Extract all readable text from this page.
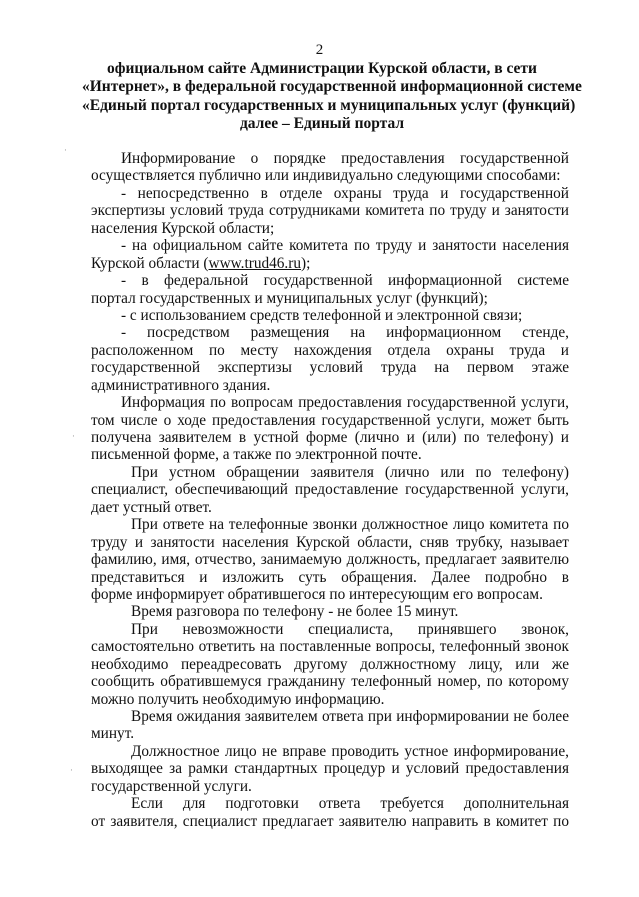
2
официальном сайте Администрации Курской области, в сети
«Интернет», в федеральной государственной информационной системе
«Единый портал государственных и муниципальных услуг (функций)
далее – Единый портал
Информирование о порядке предоставления государственной
осуществляется публично или индивидуально следующими способами:
- непосредственно в отделе охраны труда и государственной
экспертизы условий труда сотрудниками комитета по труду и занятости
населения Курской области;
- на официальном сайте комитета по труду и занятости населения
Курской области (www.trud46.ru);
- в федеральной государственной информационной системе
портал государственных и муниципальных услуг (функций);
- с использованием средств телефонной и электронной связи;
- посредством размещения на информационном стенде,
расположенном по месту нахождения отдела охраны труда и
государственной экспертизы условий труда на первом этаже
административного здания.
Информация по вопросам предоставления государственной услуги,
том числе о ходе предоставления государственной услуги, может быть
получена заявителем в устной форме (лично и (или) по телефону) и
письменной форме, а также по электронной почте.
При устном обращении заявителя (лично или по телефону)
специалист, обеспечивающий предоставление государственной услуги,
дает устный ответ.
При ответе на телефонные звонки должностное лицо комитета по
труду и занятости населения Курской области, сняв трубку, называет
фамилию, имя, отчество, занимаемую должность, предлагает заявителю
представиться и изложить суть обращения. Далее подробно в
форме информирует обратившегося по интересующим его вопросам.
Время разговора по телефону - не более 15 минут.
При невозможности специалиста, принявшего звонок,
самостоятельно ответить на поставленные вопросы, телефонный звонок
необходимо переадресовать другому должностному лицу, или же
сообщить обратившемуся гражданину телефонный номер, по которому
можно получить необходимую информацию.
Время ожидания заявителем ответа при информировании не более
минут.
Должностное лицо не вправе проводить устное информирование,
выходящее за рамки стандартных процедур и условий предоставления
государственной услуги.
Если для подготовки ответа требуется дополнительная
от заявителя, специалист предлагает заявителю направить в комитет по
·
·
·
